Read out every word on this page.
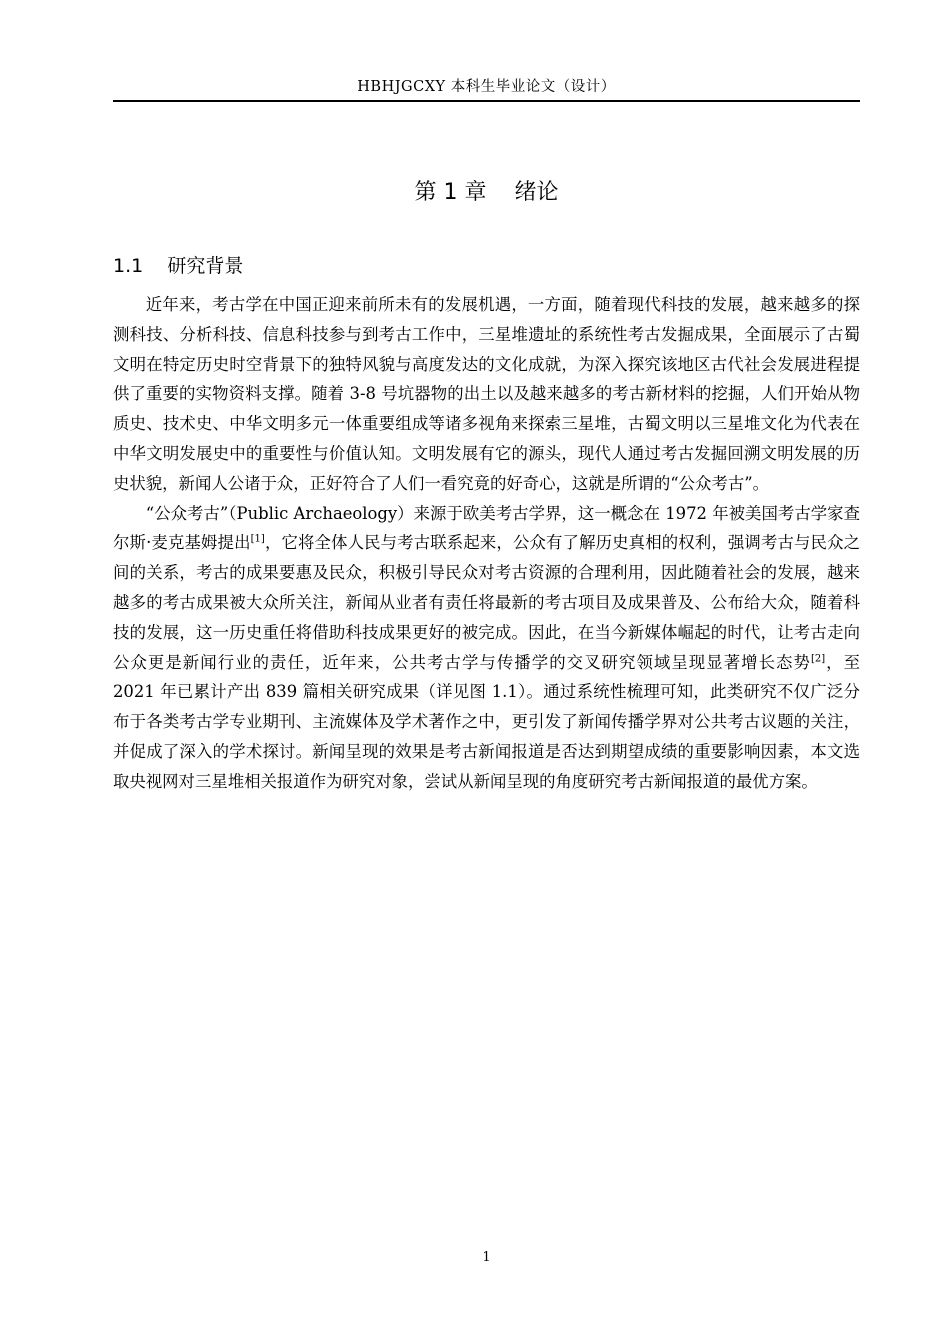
HBHJGCXY 本科生毕业论文（设计）
第 1 章    绪论
1.1    研究背景

近年来，考古学在中国正迎来前所未有的发展机遇，一方面，随着现代科技的发展，越来越多的探测科技、分析科技、信息科技参与到考古工作中，三星堆遗址的系统性考古发掘成果，全面展示了古蜀文明在特定历史时空背景下的独特风貌与高度发达的文化成就，为深入探究该地区古代社会发展进程提供了重要的实物资料支撑。随着 3-8 号坑器物的出土以及越来越多的考古新材料的挖掘，人们开始从物质史、技术史、中华文明多元一体重要组成等诸多视角来探索三星堆，古蜀文明以三星堆文化为代表在中华文明发展史中的重要性与价值认知。文明发展有它的源头，现代人通过考古发掘回溯文明发展的历史状貌，新闻人公诸于众，正好符合了人们一看究竟的好奇心，这就是所谓的“公众考古”。

“公众考古”（Public Archaeology）来源于欧美考古学界，这一概念在 1972 年被美国考古学家查尔斯·麦克基姆提出[1]，它将全体人民与考古联系起来，公众有了解历史真相的权利，强调考古与民众之间的关系，考古的成果要惠及民众，积极引导民众对考古资源的合理利用，因此随着社会的发展，越来越多的考古成果被大众所关注，新闻从业者有责任将最新的考古项目及成果普及、公布给大众，随着科技的发展，这一历史重任将借助科技成果更好的被完成。因此，在当今新媒体崛起的时代，让考古走向公众更是新闻行业的责任，近年来，公共考古学与传播学的交叉研究领域呈现显著增长态势[2]，至 2021 年已累计产出 839 篇相关研究成果（详见图 1.1）。通过系统性梳理可知，此类研究不仅广泛分布于各类考古学专业期刊、主流媒体及学术著作之中，更引发了新闻传播学界对公共考古议题的关注，并促成了深入的学术探讨。新闻呈现的效果是考古新闻报道是否达到期望成绩的重要影响因素，本文选取央视网对三星堆相关报道作为研究对象，尝试从新闻呈现的角度研究考古新闻报道的最优方案。

1
